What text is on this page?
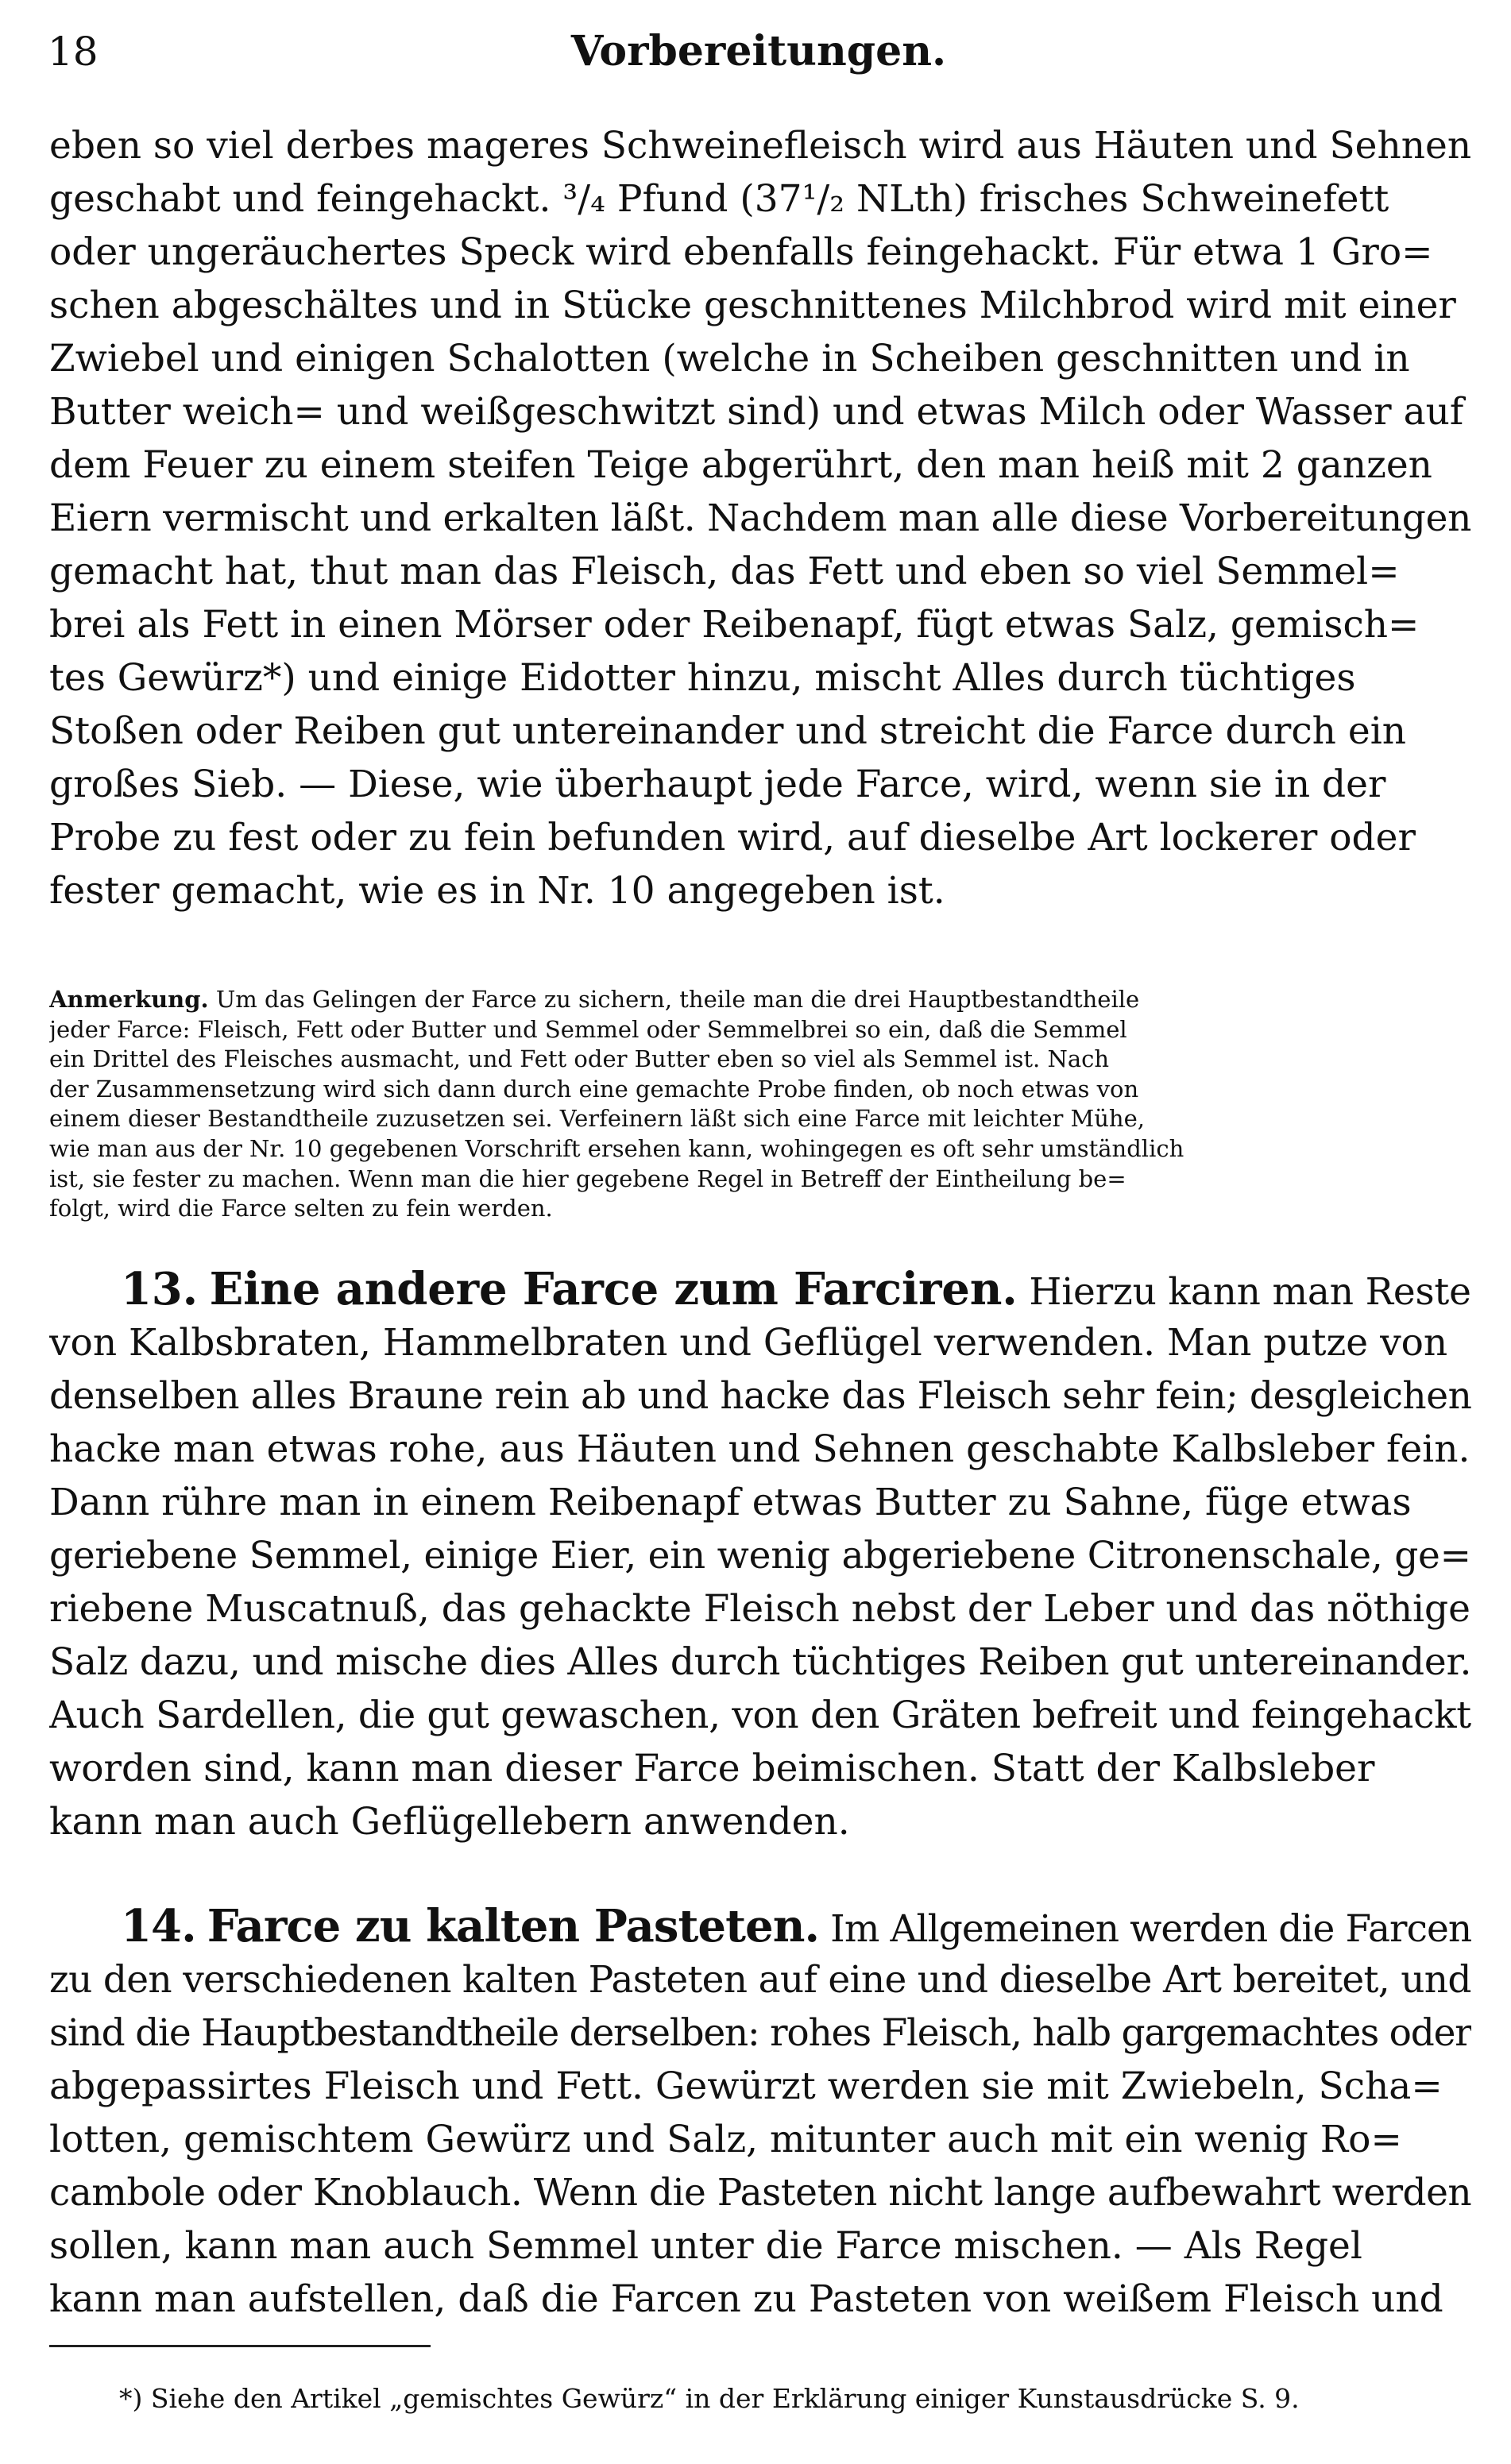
18	Vorbereitungen.
eben so viel derbes mageres Schweinefleisch wird aus Häuten und Sehnen
geschabt und feingehackt. ³/₄ Pfund (37¹/₂ NLth) frisches Schweinefett
oder ungeräuchertes Speck wird ebenfalls feingehackt. Für etwa 1 Gro=
schen abgeschältes und in Stücke geschnittenes Milchbrod wird mit einer
Zwiebel und einigen Schalotten (welche in Scheiben geschnitten und in
Butter weich= und weißgeschwitzt sind) und etwas Milch oder Wasser auf
dem Feuer zu einem steifen Teige abgerührt, den man heiß mit 2 ganzen
Eiern vermischt und erkalten läßt. Nachdem man alle diese Vorbereitungen
gemacht hat, thut man das Fleisch, das Fett und eben so viel Semmel=
brei als Fett in einen Mörser oder Reibenapf, fügt etwas Salz, gemisch=
tes Gewürz*) und einige Eidotter hinzu, mischt Alles durch tüchtiges
Stoßen oder Reiben gut untereinander und streicht die Farce durch ein
großes Sieb. — Diese, wie überhaupt jede Farce, wird, wenn sie in der
Probe zu fest oder zu fein befunden wird, auf dieselbe Art lockerer oder
fester gemacht, wie es in Nr. 10 angegeben ist.
Anmerkung. Um das Gelingen der Farce zu sichern, theile man die drei Hauptbestandtheile
jeder Farce: Fleisch, Fett oder Butter und Semmel oder Semmelbrei so ein, daß die Semmel
ein Drittel des Fleisches ausmacht, und Fett oder Butter eben so viel als Semmel ist. Nach
der Zusammensetzung wird sich dann durch eine gemachte Probe finden, ob noch etwas von
einem dieser Bestandtheile zuzusetzen sei. Verfeinern läßt sich eine Farce mit leichter Mühe,
wie man aus der Nr. 10 gegebenen Vorschrift ersehen kann, wohingegen es oft sehr umständlich
ist, sie fester zu machen. Wenn man die hier gegebene Regel in Betreff der Eintheilung be=
folgt, wird die Farce selten zu fein werden.
13. Eine andere Farce zum Farciren. Hierzu kann man Reste
von Kalbsbraten, Hammelbraten und Geflügel verwenden. Man putze von
denselben alles Braune rein ab und hacke das Fleisch sehr fein; desgleichen
hacke man etwas rohe, aus Häuten und Sehnen geschabte Kalbsleber fein.
Dann rühre man in einem Reibenapf etwas Butter zu Sahne, füge etwas
geriebene Semmel, einige Eier, ein wenig abgeriebene Citronenschale, ge=
riebene Muscatnuß, das gehackte Fleisch nebst der Leber und das nöthige
Salz dazu, und mische dies Alles durch tüchtiges Reiben gut untereinander.
Auch Sardellen, die gut gewaschen, von den Gräten befreit und feingehackt
worden sind, kann man dieser Farce beimischen. Statt der Kalbsleber
kann man auch Geflügellebern anwenden.
14. Farce zu kalten Pasteten. Im Allgemeinen werden die Farcen
zu den verschiedenen kalten Pasteten auf eine und dieselbe Art bereitet, und
sind die Hauptbestandtheile derselben: rohes Fleisch, halb gargemachtes oder
abgepassirtes Fleisch und Fett. Gewürzt werden sie mit Zwiebeln, Scha=
lotten, gemischtem Gewürz und Salz, mitunter auch mit ein wenig Ro=
cambole oder Knoblauch. Wenn die Pasteten nicht lange aufbewahrt werden
sollen, kann man auch Semmel unter die Farce mischen. — Als Regel
kann man aufstellen, daß die Farcen zu Pasteten von weißem Fleisch und
*) Siehe den Artikel „gemischtes Gewürz“ in der Erklärung einiger Kunstausdrücke S. 9.
